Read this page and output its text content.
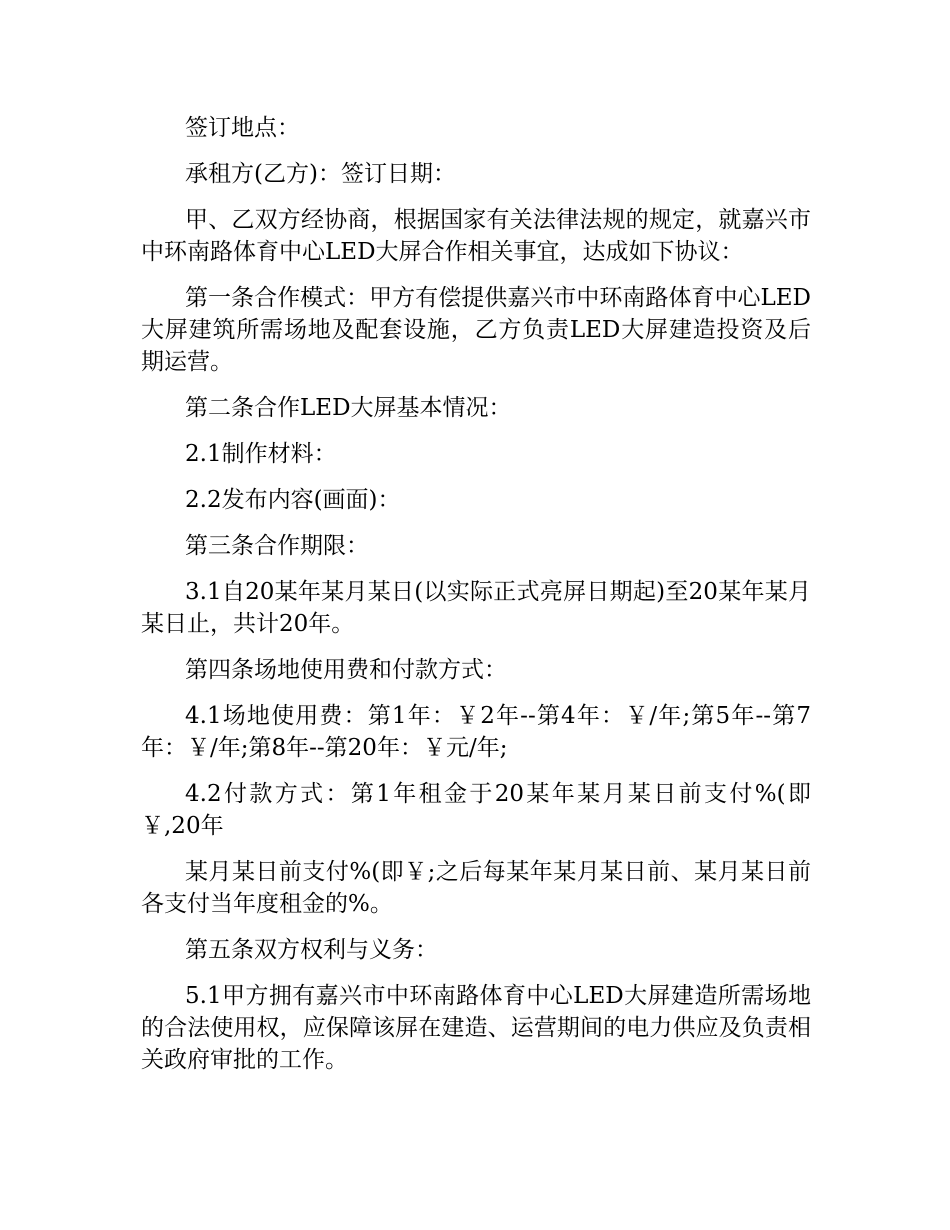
签订地点：

承租方(乙方)：签订日期：

甲、乙双方经协商，根据国家有关法律法规的规定，就嘉兴市中环南路体育中心LED大屏合作相关事宜，达成如下协议：

第一条合作模式：甲方有偿提供嘉兴市中环南路体育中心LED大屏建筑所需场地及配套设施，乙方负责LED大屏建造投资及后期运营。

第二条合作LED大屏基本情况：

2.1制作材料：

2.2发布内容(画面)：

第三条合作期限：

3.1自20某年某月某日(以实际正式亮屏日期起)至20某年某月某日止，共计20年。

第四条场地使用费和付款方式：

4.1场地使用费：第1年：￥2年--第4年：￥/年;第5年--第7年：￥/年;第8年--第20年：￥元/年;

4.2付款方式：第1年租金于20某年某月某日前支付%(即￥,20年

某月某日前支付%(即￥;之后每某年某月某日前、某月某日前各支付当年度租金的%。

第五条双方权利与义务：

5.1甲方拥有嘉兴市中环南路体育中心LED大屏建造所需场地的合法使用权，应保障该屏在建造、运营期间的电力供应及负责相关政府审批的工作。
